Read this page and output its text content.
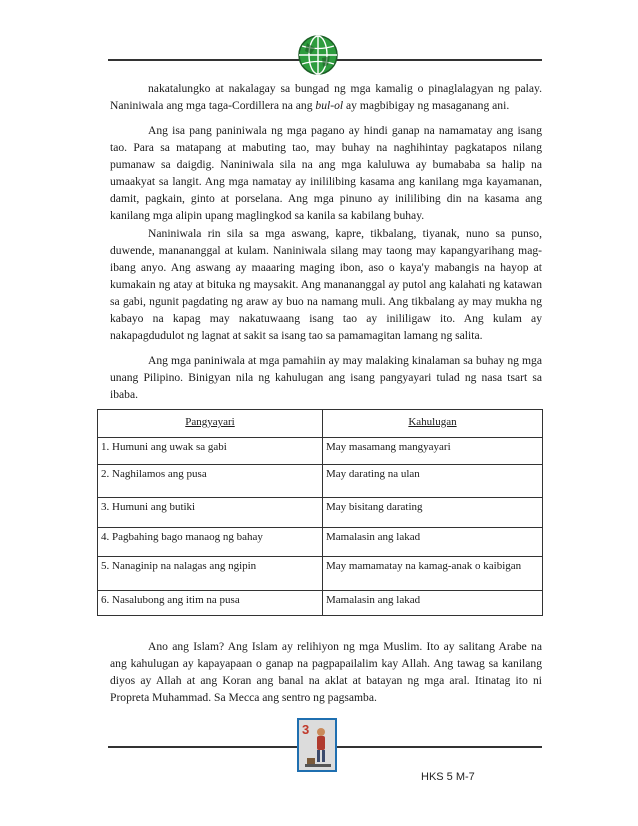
nakatalungko at nakalagay sa bungad ng mga kamalig o pinaglalagyan ng palay. Naniniwala ang mga taga-Cordillera na ang bul-ol ay magbibigay ng masaganang ani.

Ang isa pang paniniwala ng mga pagano ay hindi ganap na namamatay ang isang tao. Para sa matapang at mabuting tao, may buhay na naghihintay pagkatapos nilang pumanaw sa daigdig. Naniniwala sila na ang mga kaluluwa ay bumababa sa halip na umaakyat sa langit. Ang mga namatay ay inililibing kasama ang kanilang mga kayamanan, damit, pagkain, ginto at porselana. Ang mga pinuno ay inililibing din na kasama ang kanilang mga alipin upang maglingkod sa kanila sa kabilang buhay.

Naniniwala rin sila sa mga aswang, kapre, tikbalang, tiyanak, nuno sa punso, duwende, manananggal at kulam. Naniniwala silang may taong may kapangyarihang mag-ibang anyo. Ang aswang ay maaaring maging ibon, aso o kaya'y mabangis na hayop at kumakain ng atay at bituka ng maysakit. Ang manananggal ay putol ang kalahati ng katawan sa gabi, ngunit pagdating ng araw ay buo na namang muli. Ang tikbalang ay may mukha ng kabayo na kapag may nakatuwaang isang tao ay inililigaw ito. Ang kulam ay nakapagdudulot ng lagnat at sakit sa isang tao sa pamamagitan lamang ng salita.

Ang mga paniniwala at mga pamahiin ay may malaking kinalaman sa buhay ng mga unang Pilipino. Binigyan nila ng kahulugan ang isang pangyayari tulad ng nasa tsart sa ibaba.

Pangyayari	Kahulugan
1. Humuni ang uwak sa gabi	May masamang mangyayari
2. Naghilamos ang pusa	May darating na ulan
3. Humuni ang butiki	May bisitang darating
4. Pagbahing bago manaog ng bahay	Mamalasin ang lakad
5. Nanaginip na nalagas ang ngipin	May mamamatay na kamag-anak o kaibigan
6. Nasalubong ang itim na pusa	Mamalasin ang lakad

Ano ang Islam? Ang Islam ay relihiyon ng mga Muslim. Ito ay salitang Arabe na ang kahulugan ay kapayapaan o ganap na pagpapailalim kay Allah. Ang tawag sa kanilang diyos ay Allah at ang Koran ang banal na aklat at batayan ng mga aral. Itinatag ito ni Propreta Muhammad. Sa Mecca ang sentro ng pagsamba.

3
HKS 5 M-7
